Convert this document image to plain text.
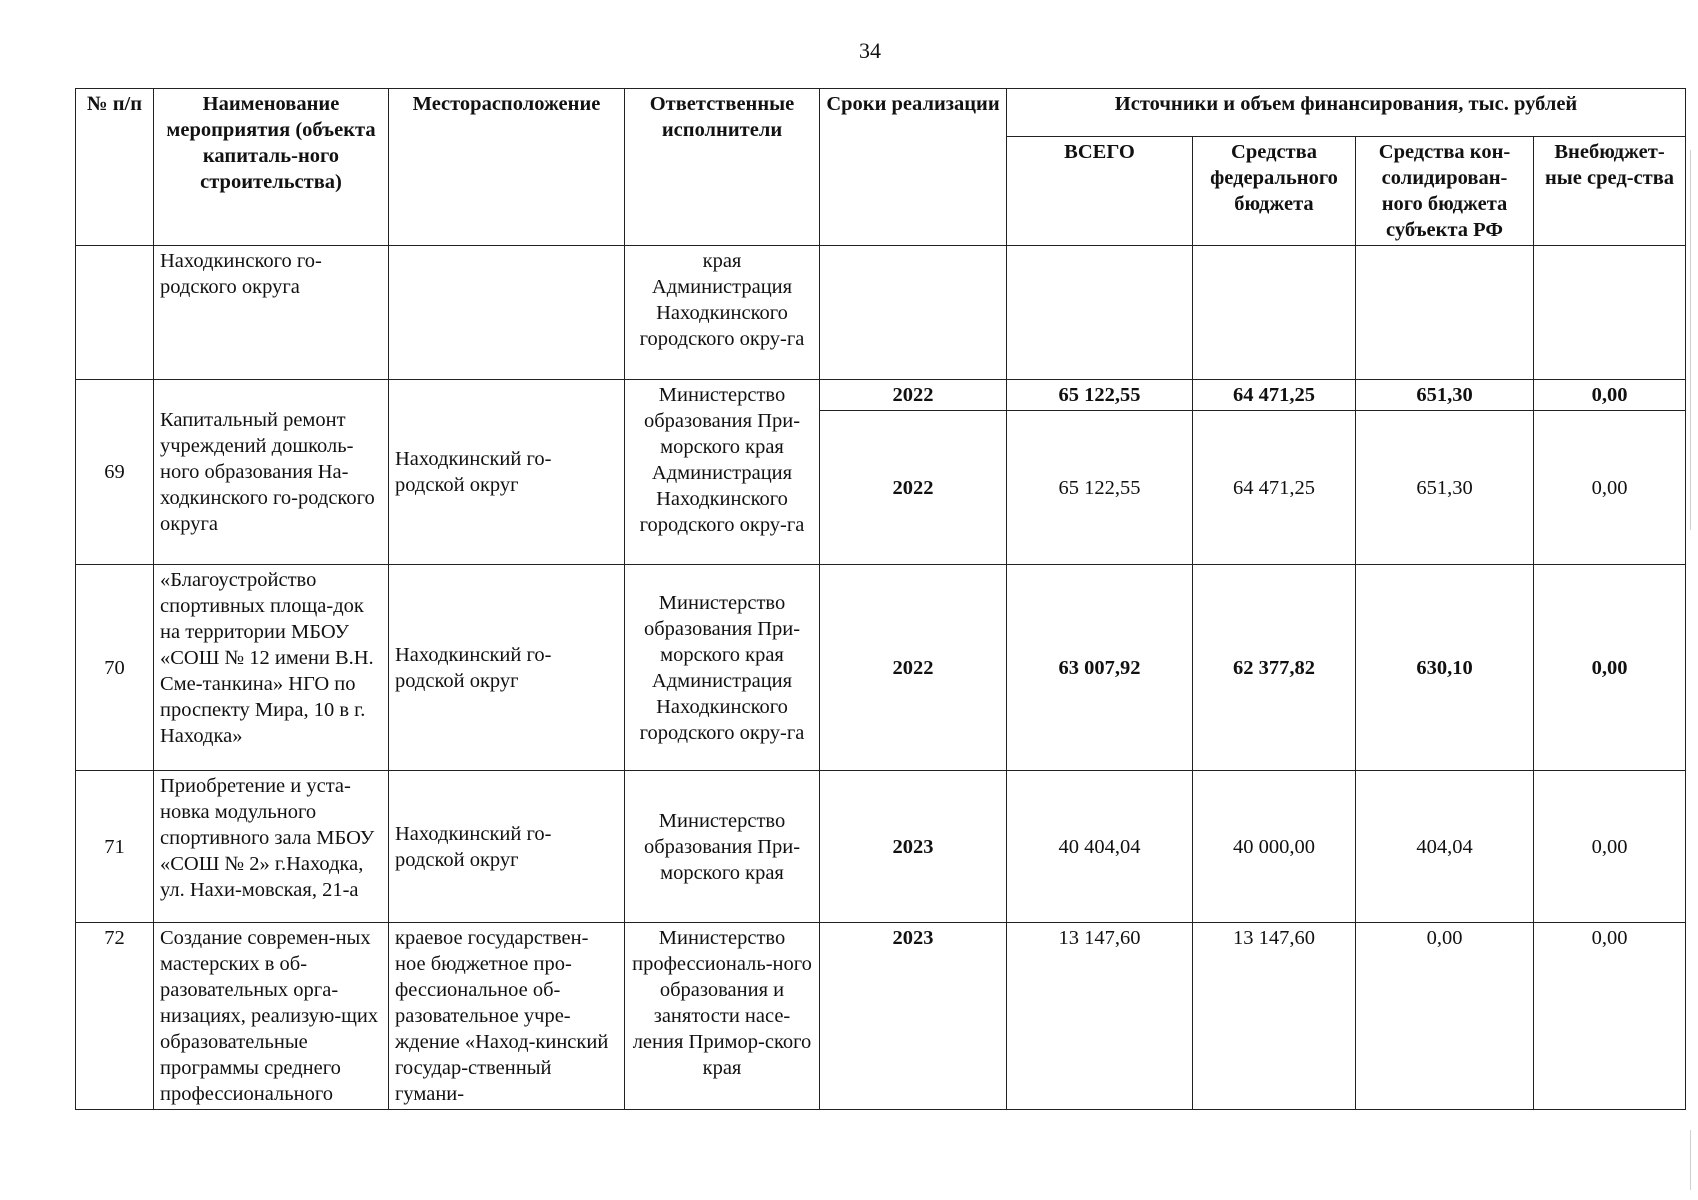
34
№ п/п	Наименование мероприятия (объекта капиталь-ного строительства)	Месторасположение	Ответственные исполнители	Сроки реализации	Источники и объем финансирования, тыс. рублей			
					ВСЕГО	Средства федерального бюджета	Средства кон-солидирован-ного бюджета субъекта РФ	Внебюджет-ные сред-ства
	Находкинского го-родского округа		края Администрация Находкинского городского окру-га					
69	Капитальный ремонт учреждений дошколь-ного образования На-ходкинского го-родского округа	Находкинский го-родской округ	Министерство образования При-морского края Администрация Находкинского городского окру-га	2022	65 122,55	64 471,25	651,30	0,00
				2022	65 122,55	64 471,25	651,30	0,00
70	«Благоустройство спортивных площа-док на территории МБОУ «СОШ № 12 имени В.Н. Сме-танкина» НГО по проспекту Мира, 10 в г. Находка»	Находкинский го-родской округ	Министерство образования При-морского края Администрация Находкинского городского окру-га	2022	63 007,92	62 377,82	630,10	0,00
71	Приобретение и уста-новка модульного спортивного зала МБОУ «СОШ № 2» г.Находка, ул. Нахи-мовская, 21-а	Находкинский го-родской округ	Министерство образования При-морского края	2023	40 404,04	40 000,00	404,04	0,00
72	Создание современ-ных мастерских в об-разовательных орга-низациях, реализую-щих образовательные программы среднего профессионального	краевое государствен-ное бюджетное про-фессиональное об-разовательное учре-ждение «Наход-кинский государ-ственный гумани-	Министерство профессиональ-ного образования и занятости насе-ления Примор-ского края	2023	13 147,60	13 147,60	0,00	0,00
